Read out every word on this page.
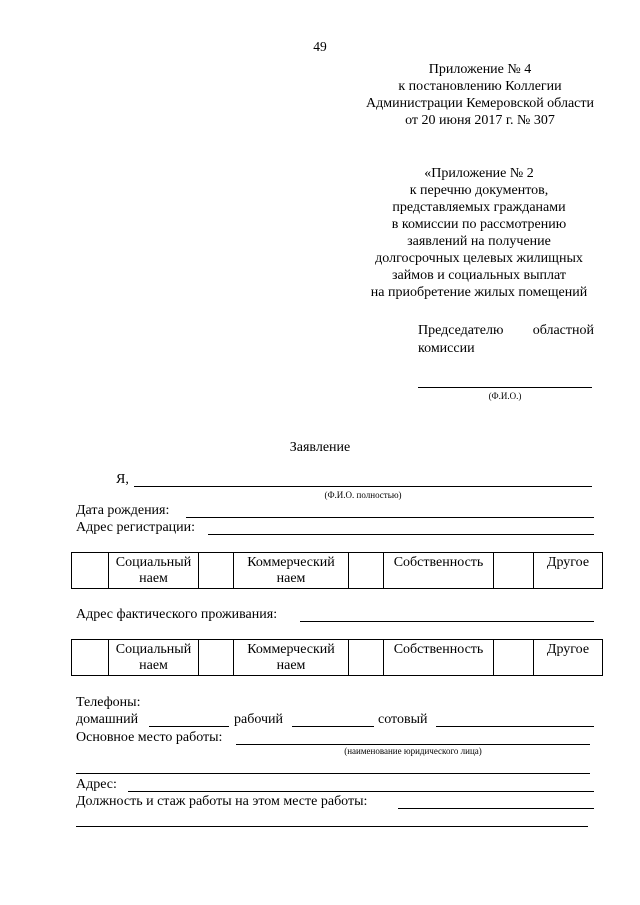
49
Приложение № 4
к постановлению Коллегии
Администрации Кемеровской области
от 20 июня 2017 г. № 307
«Приложение № 2
к перечню документов,
представляемых гражданами
в комиссии по рассмотрению
заявлений на получение
долгосрочных целевых жилищных
займов и социальных выплат
на приобретение жилых помещений
Председателю областной
комиссии
(Ф.И.О.)
Заявление
Я,
(Ф.И.О. полностью)
Дата рождения:
Адрес регистрации:
	Социальный наем		Коммерческий наем		Собственность		Другое
Адрес фактического проживания:
	Социальный наем		Коммерческий наем		Собственность		Другое
Телефоны:
домашний	рабочий	сотовый
Основное место работы:
(наименование юридического лица)
Адрес:
Должность и стаж работы на этом месте работы:
